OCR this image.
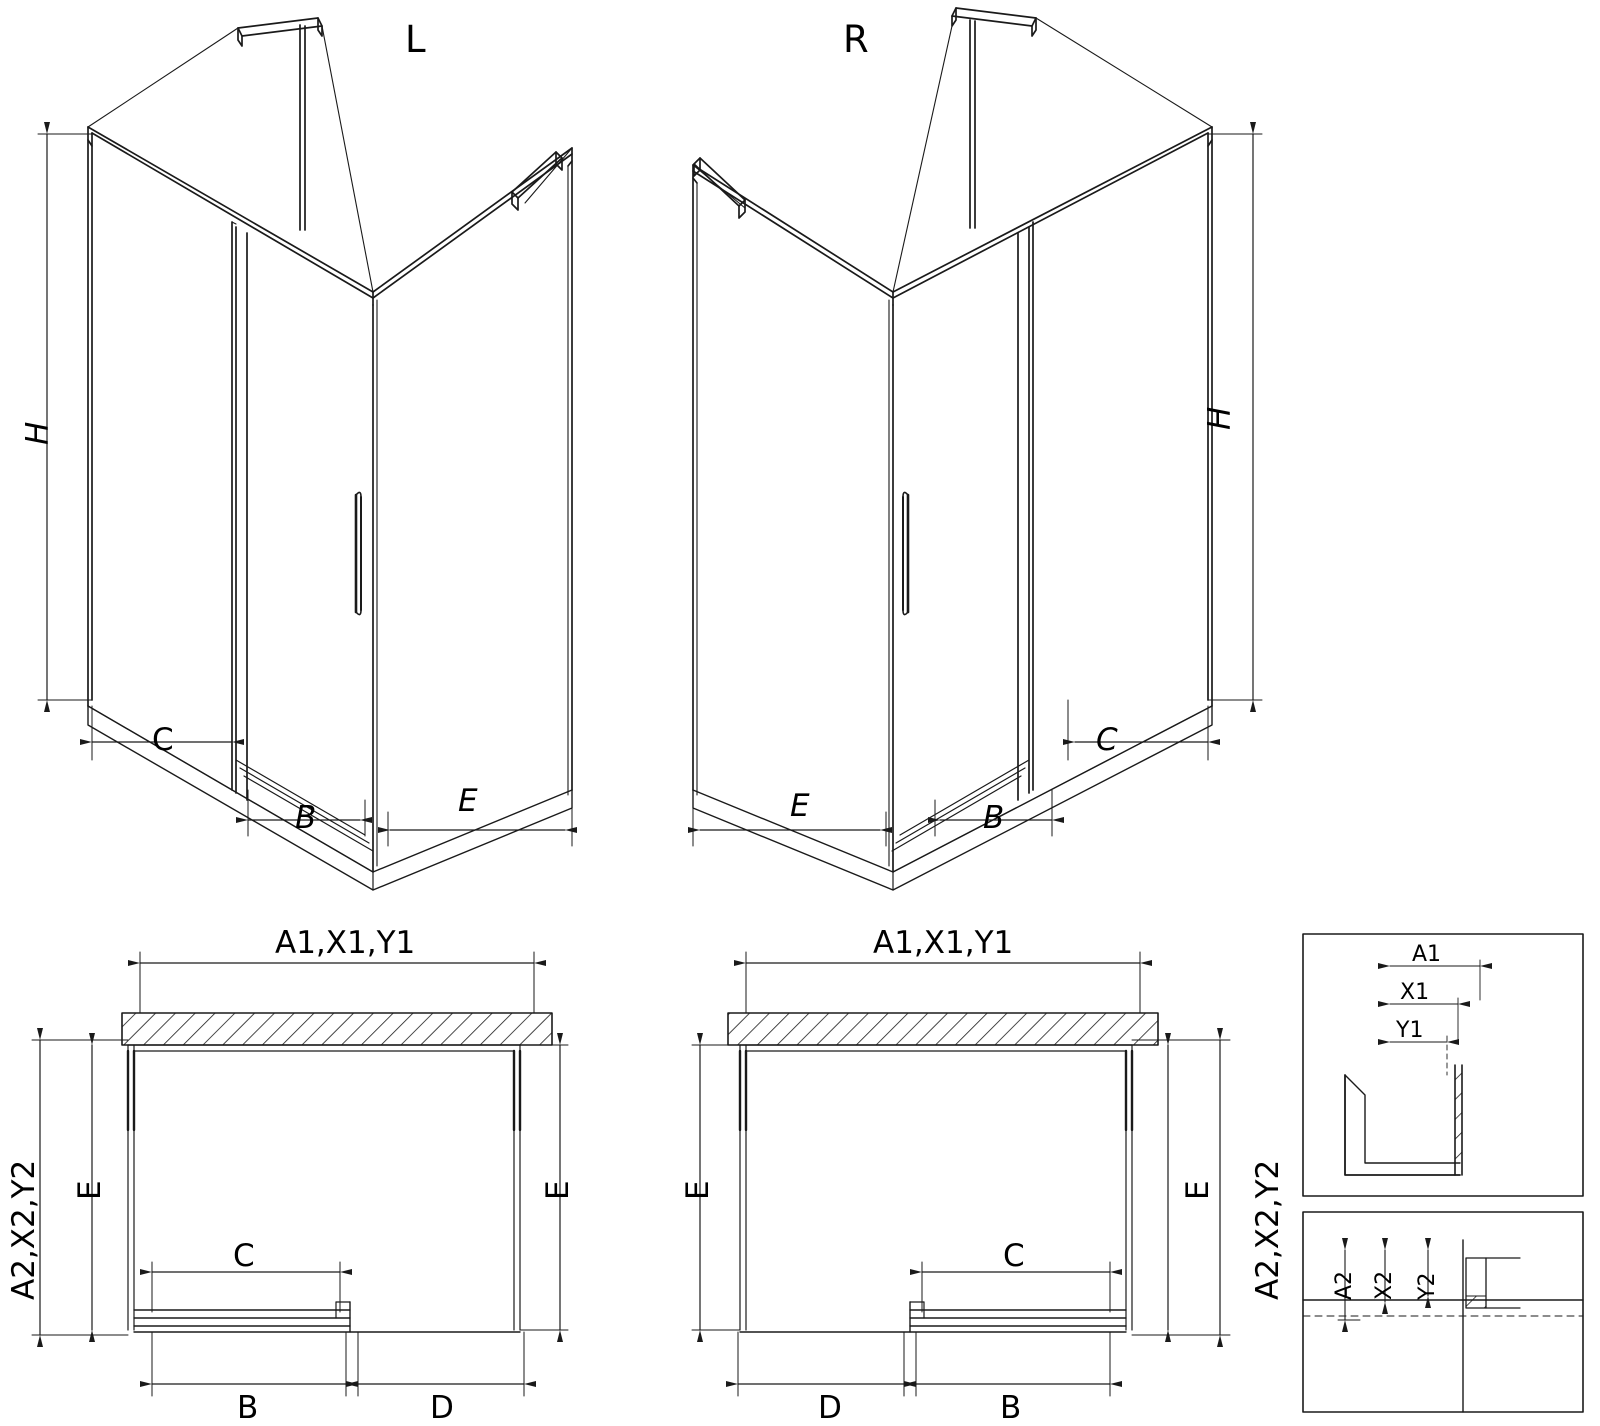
L	R
H
C
B	E
H
C
B
E
A1,X1,Y1
A2,X2,Y2 E	E
C
B	D
A1,X1,Y1
A2,X2,Y2
E
E
C
B
D
A1
X1
Y1
A2 X2 Y2
